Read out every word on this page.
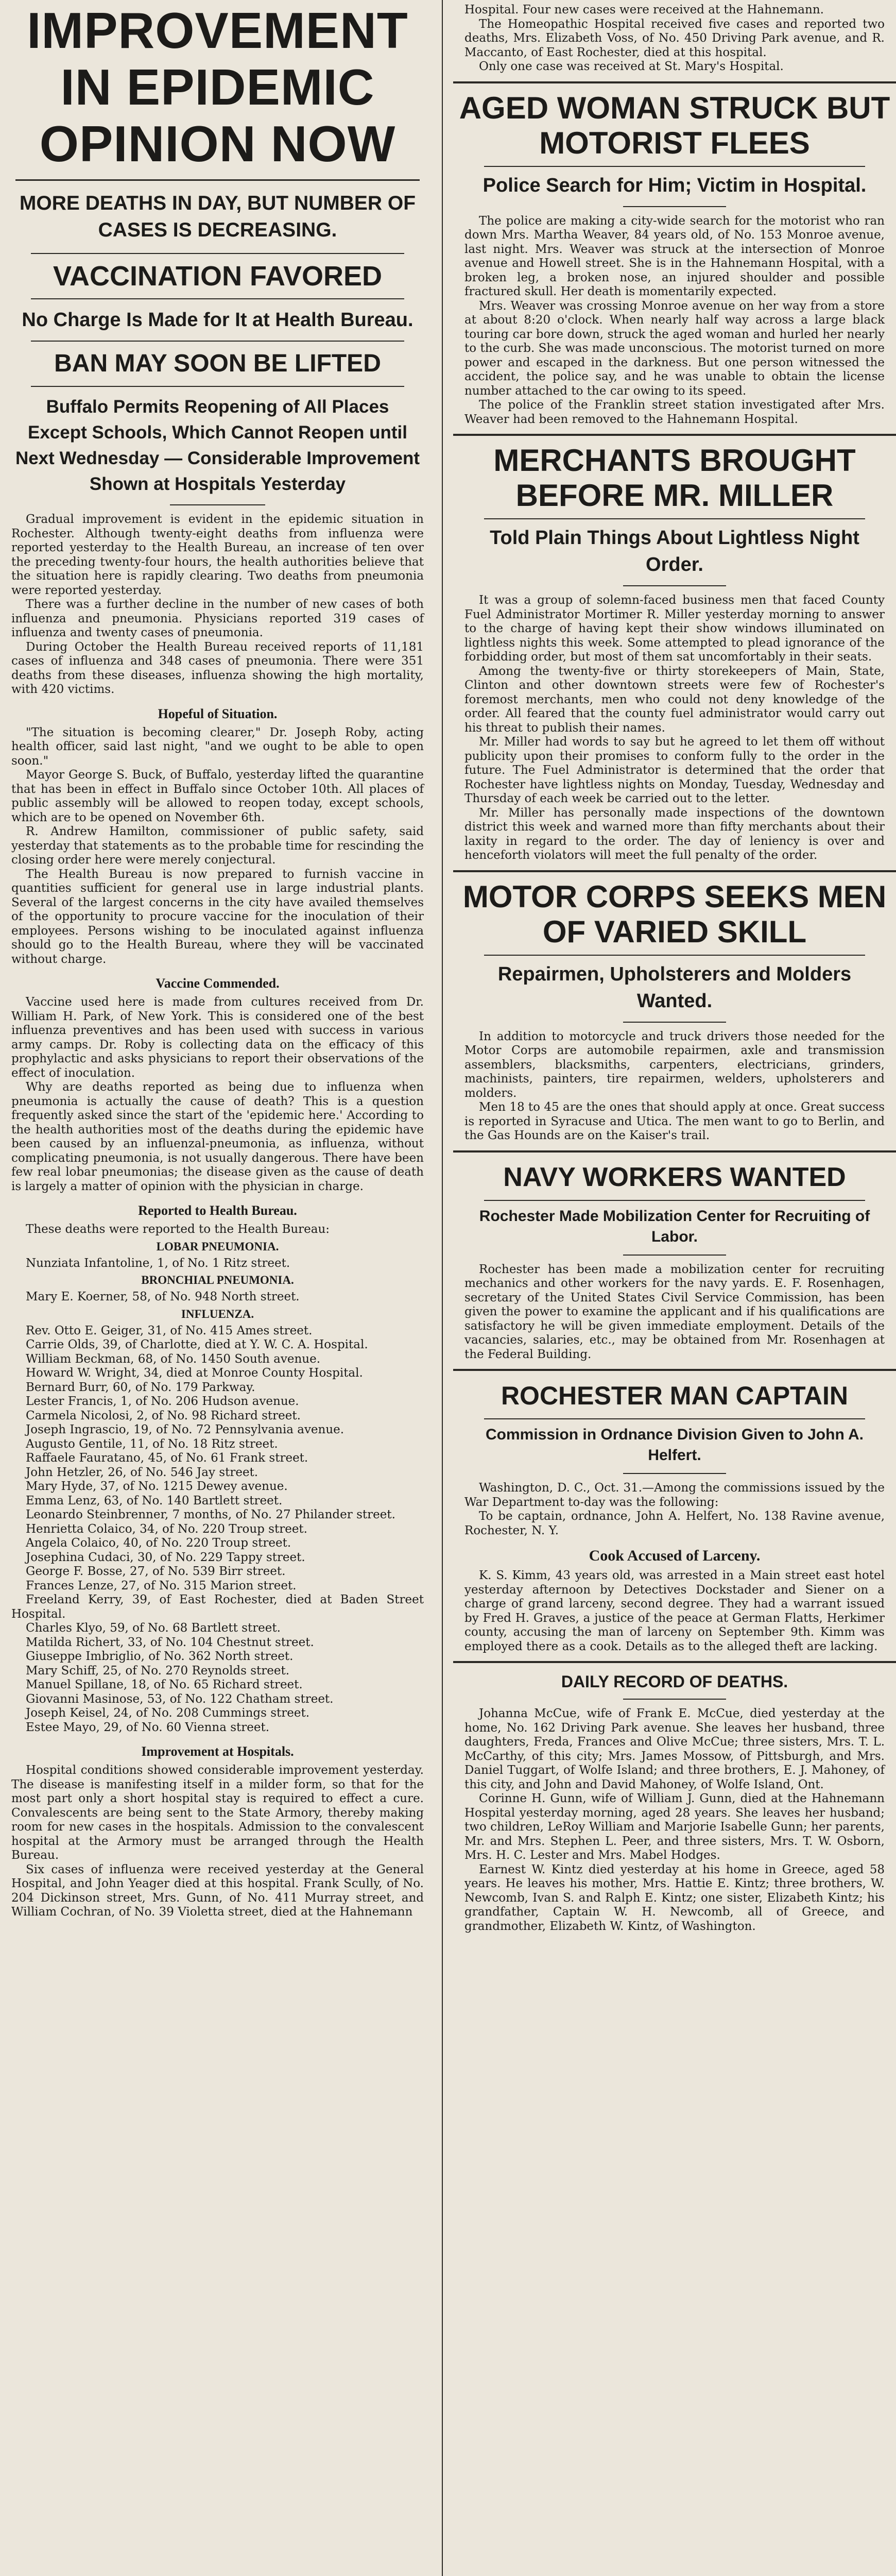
IMPROVEMENT IN EPIDEMIC OPINION NOW
MORE DEATHS IN DAY, BUT NUMBER OF CASES IS DECREASING.
VACCINATION FAVORED
No Charge Is Made for It at Health Bureau.
BAN MAY SOON BE LIFTED
Buffalo Permits Reopening of All Places Except Schools, Which Cannot Reopen until Next Wednesday — Considerable Improvement Shown at Hospitals Yesterday

Gradual improvement is evident in the epidemic situation in Rochester. Although twenty-eight deaths from influenza were reported yesterday to the Health Bureau, an increase of ten over the preceding twenty-four hours, the health authorities believe that the situation here is rapidly clearing. Two deaths from pneumonia were reported yesterday.

There was a further decline in the number of new cases of both influenza and pneumonia. Physicians reported 319 cases of influenza and twenty cases of pneumonia.

During October the Health Bureau received reports of 11,181 cases of influenza and 348 cases of pneumonia. There were 351 deaths from these diseases, influenza showing the high mortality, with 420 victims.

Hopeful of Situation.

"The situation is becoming clearer," Dr. Joseph Roby, acting health officer, said last night, "and we ought to be able to open soon."

Mayor George S. Buck, of Buffalo, yesterday lifted the quarantine that has been in effect in Buffalo since October 10th. All places of public assembly will be allowed to reopen today, except schools, which are to be opened on November 6th.

R. Andrew Hamilton, commissioner of public safety, said yesterday that statements as to the probable time for rescinding the closing order here were merely conjectural.

The Health Bureau is now prepared to furnish vaccine in quantities sufficient for general use in large industrial plants. Several of the largest concerns in the city have availed themselves of the opportunity to procure vaccine for the inoculation of their employees. Persons wishing to be inoculated against influenza should go to the Health Bureau, where they will be vaccinated without charge.

Vaccine Commended.

Vaccine used here is made from cultures received from Dr. William H. Park, of New York. This is considered one of the best influenza preventives and has been used with success in various army camps. Dr. Roby is collecting data on the efficacy of this prophylactic and asks physicians to report their observations of the effect of inoculation.

Why are deaths reported as being due to influenza when pneumonia is actually the cause of death? This is a question frequently asked since the start of the 'epidemic here.' According to the health authorities most of the deaths during the epidemic have been caused by an influenzal-pneumonia, as influenza, without complicating pneumonia, is not usually dangerous. There have been few real lobar pneumonias; the disease given as the cause of death is largely a matter of opinion with the physician in charge.

Reported to Health Bureau.

These deaths were reported to the Health Bureau:

LOBAR PNEUMONIA.

Nunziata Infantoline, 1, of No. 1 Ritz street.

BRONCHIAL PNEUMONIA.

Mary E. Koerner, 58, of No. 948 North street.

INFLUENZA.

Rev. Otto E. Geiger, 31, of No. 415 Ames street.

Carrie Olds, 39, of Charlotte, died at Y. W. C. A. Hospital.

William Beckman, 68, of No. 1450 South avenue.

Howard W. Wright, 34, died at Monroe County Hospital.

Bernard Burr, 60, of No. 179 Parkway.

Lester Francis, 1, of No. 206 Hudson avenue.

Carmela Nicolosi, 2, of No. 98 Richard street.

Joseph Ingrascio, 19, of No. 72 Pennsylvania avenue.

Augusto Gentile, 11, of No. 18 Ritz street.

Raffaele Fauratano, 45, of No. 61 Frank street.

John Hetzler, 26, of No. 546 Jay street.

Mary Hyde, 37, of No. 1215 Dewey avenue.

Emma Lenz, 63, of No. 140 Bartlett street.

Leonardo Steinbrenner, 7 months, of No. 27 Philander street.

Henrietta Colaico, 34, of No. 220 Troup street.

Angela Colaico, 40, of No. 220 Troup street.

Josephina Cudaci, 30, of No. 229 Tappy street.

George F. Bosse, 27, of No. 539 Birr street.

Frances Lenze, 27, of No. 315 Marion street.

Freeland Kerry, 39, of East Rochester, died at Baden Street Hospital.

Charles Klyo, 59, of No. 68 Bartlett street.

Matilda Richert, 33, of No. 104 Chestnut street.

Giuseppe Imbriglio, of No. 362 North street.

Mary Schiff, 25, of No. 270 Reynolds street.

Manuel Spillane, 18, of No. 65 Richard street.

Giovanni Masinose, 53, of No. 122 Chatham street.

Joseph Keisel, 24, of No. 208 Cummings street.

Estee Mayo, 29, of No. 60 Vienna street.

Improvement at Hospitals.

Hospital conditions showed considerable improvement yesterday. The disease is manifesting itself in a milder form, so that for the most part only a short hospital stay is required to effect a cure. Convalescents are being sent to the State Armory, thereby making room for new cases in the hospitals. Admission to the convalescent hospital at the Armory must be arranged through the Health Bureau.

Six cases of influenza were received yesterday at the General Hospital, and John Yeager died at this hospital. Frank Scully, of No. 204 Dickinson street, Mrs. Gunn, of No. 411 Murray street, and William Cochran, of No. 39 Violetta street, died at the Hahnemann

Hospital. Four new cases were received at the Hahnemann.

The Homeopathic Hospital received five cases and reported two deaths, Mrs. Elizabeth Voss, of No. 450 Driving Park avenue, and R. Maccanto, of East Rochester, died at this hospital.

Only one case was received at St. Mary's Hospital.

AGED WOMAN STRUCK BUT MOTORIST FLEES
Police Search for Him; Victim in Hospital.

The police are making a city-wide search for the motorist who ran down Mrs. Martha Weaver, 84 years old, of No. 153 Monroe avenue, last night. Mrs. Weaver was struck at the intersection of Monroe avenue and Howell street. She is in the Hahnemann Hospital, with a broken leg, a broken nose, an injured shoulder and possible fractured skull. Her death is momentarily expected.

Mrs. Weaver was crossing Monroe avenue on her way from a store at about 8:20 o'clock. When nearly half way across a large black touring car bore down, struck the aged woman and hurled her nearly to the curb. She was made unconscious. The motorist turned on more power and escaped in the darkness. But one person witnessed the accident, the police say, and he was unable to obtain the license number attached to the car owing to its speed.

The police of the Franklin street station investigated after Mrs. Weaver had been removed to the Hahnemann Hospital.

MERCHANTS BROUGHT BEFORE MR. MILLER
Told Plain Things About Lightless Night Order.

It was a group of solemn-faced business men that faced County Fuel Administrator Mortimer R. Miller yesterday morning to answer to the charge of having kept their show windows illuminated on lightless nights this week. Some attempted to plead ignorance of the forbidding order, but most of them sat uncomfortably in their seats.

Among the twenty-five or thirty storekeepers of Main, State, Clinton and other downtown streets were few of Rochester's foremost merchants, men who could not deny knowledge of the order. All feared that the county fuel administrator would carry out his threat to publish their names.

Mr. Miller had words to say but he agreed to let them off without publicity upon their promises to conform fully to the order in the future. The Fuel Administrator is determined that the order that Rochester have lightless nights on Monday, Tuesday, Wednesday and Thursday of each week be carried out to the letter.

Mr. Miller has personally made inspections of the downtown district this week and warned more than fifty merchants about their laxity in regard to the order. The day of leniency is over and henceforth violators will meet the full penalty of the order.

MOTOR CORPS SEEKS MEN OF VARIED SKILL
Repairmen, Upholsterers and Molders Wanted.

In addition to motorcycle and truck drivers those needed for the Motor Corps are automobile repairmen, axle and transmission assemblers, blacksmiths, carpenters, electricians, grinders, machinists, painters, tire repairmen, welders, upholsterers and molders.

Men 18 to 45 are the ones that should apply at once. Great success is reported in Syracuse and Utica. The men want to go to Berlin, and the Gas Hounds are on the Kaiser's trail.

NAVY WORKERS WANTED
Rochester Made Mobilization Center for Recruiting of Labor.

Rochester has been made a mobilization center for recruiting mechanics and other workers for the navy yards. E. F. Rosenhagen, secretary of the United States Civil Service Commission, has been given the power to examine the applicant and if his qualifications are satisfactory he will be given immediate employment. Details of the vacancies, salaries, etc., may be obtained from Mr. Rosenhagen at the Federal Building.

ROCHESTER MAN CAPTAIN
Commission in Ordnance Division Given to John A. Helfert.

Washington, D. C., Oct. 31.—Among the commissions issued by the War Department to-day was the following:

To be captain, ordnance, John A. Helfert, No. 138 Ravine avenue, Rochester, N. Y.

Cook Accused of Larceny.

K. S. Kimm, 43 years old, was arrested in a Main street east hotel yesterday afternoon by Detectives Dockstader and Siener on a charge of grand larceny, second degree. They had a warrant issued by Fred H. Graves, a justice of the peace at German Flatts, Herkimer county, accusing the man of larceny on September 9th. Kimm was employed there as a cook. Details as to the alleged theft are lacking.

DAILY RECORD OF DEATHS.

Johanna McCue, wife of Frank E. McCue, died yesterday at the home, No. 162 Driving Park avenue. She leaves her husband, three daughters, Freda, Frances and Olive McCue; three sisters, Mrs. T. L. McCarthy, of this city; Mrs. James Mossow, of Pittsburgh, and Mrs. Daniel Tuggart, of Wolfe Island; and three brothers, E. J. Mahoney, of this city, and John and David Mahoney, of Wolfe Island, Ont.

Corinne H. Gunn, wife of William J. Gunn, died at the Hahnemann Hospital yesterday morning, aged 28 years. She leaves her husband; two children, LeRoy William and Marjorie Isabelle Gunn; her parents, Mr. and Mrs. Stephen L. Peer, and three sisters, Mrs. T. W. Osborn, Mrs. H. C. Lester and Mrs. Mabel Hodges.

Earnest W. Kintz died yesterday at his home in Greece, aged 58 years. He leaves his mother, Mrs. Hattie E. Kintz; three brothers, W. Newcomb, Ivan S. and Ralph E. Kintz; one sister, Elizabeth Kintz; his grandfather, Captain W. H. Newcomb, all of Greece, and grandmother, Elizabeth W. Kintz, of Washington.
